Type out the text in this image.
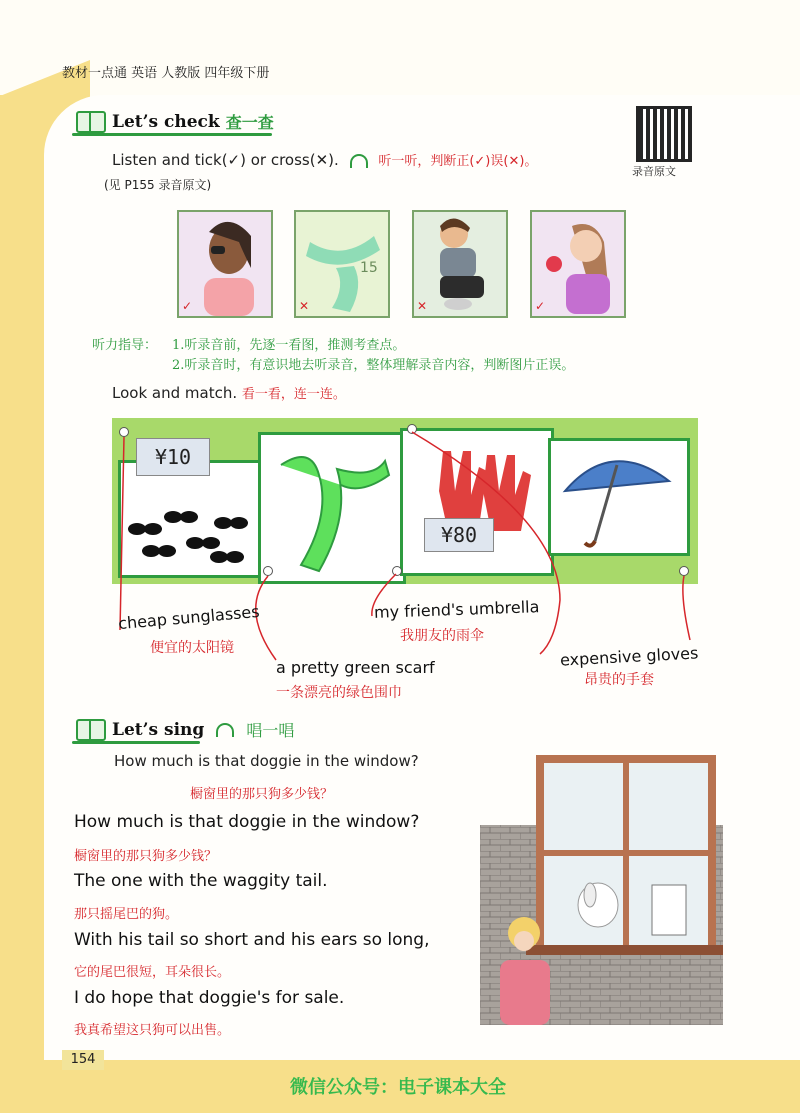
教材一点通 英语 人教版 四年级下册
Let’s check 查一查
录音原文
Listen and tick(✓) or cross(✕).	听一听，判断正(✓)误(✕)。
(见 P155 录音原文)
✓
15
✕	✕	✓
听力指导： 1.听录音前，先逐一看图，推测考查点。
2.听录音时，有意识地去听录音，整体理解录音内容，判断图片正误。
Look and match. 看一看，连一连。
¥10
¥80
cheap sunglasses
便宜的太阳镜
my friend's umbrella
我朋友的雨伞
a pretty green scarf
一条漂亮的绿色围巾
expensive gloves
昂贵的手套
Let’s sing	唱一唱
How much is that doggie in the window?
橱窗里的那只狗多少钱？
How much is that doggie in the window?
橱窗里的那只狗多少钱？
The one with the waggity tail.
那只摇尾巴的狗。
With his tail so short and his ears so long,
它的尾巴很短，耳朵很长。
I do hope that doggie's for sale.
我真希望这只狗可以出售。
154
微信公众号：电子课本大全
